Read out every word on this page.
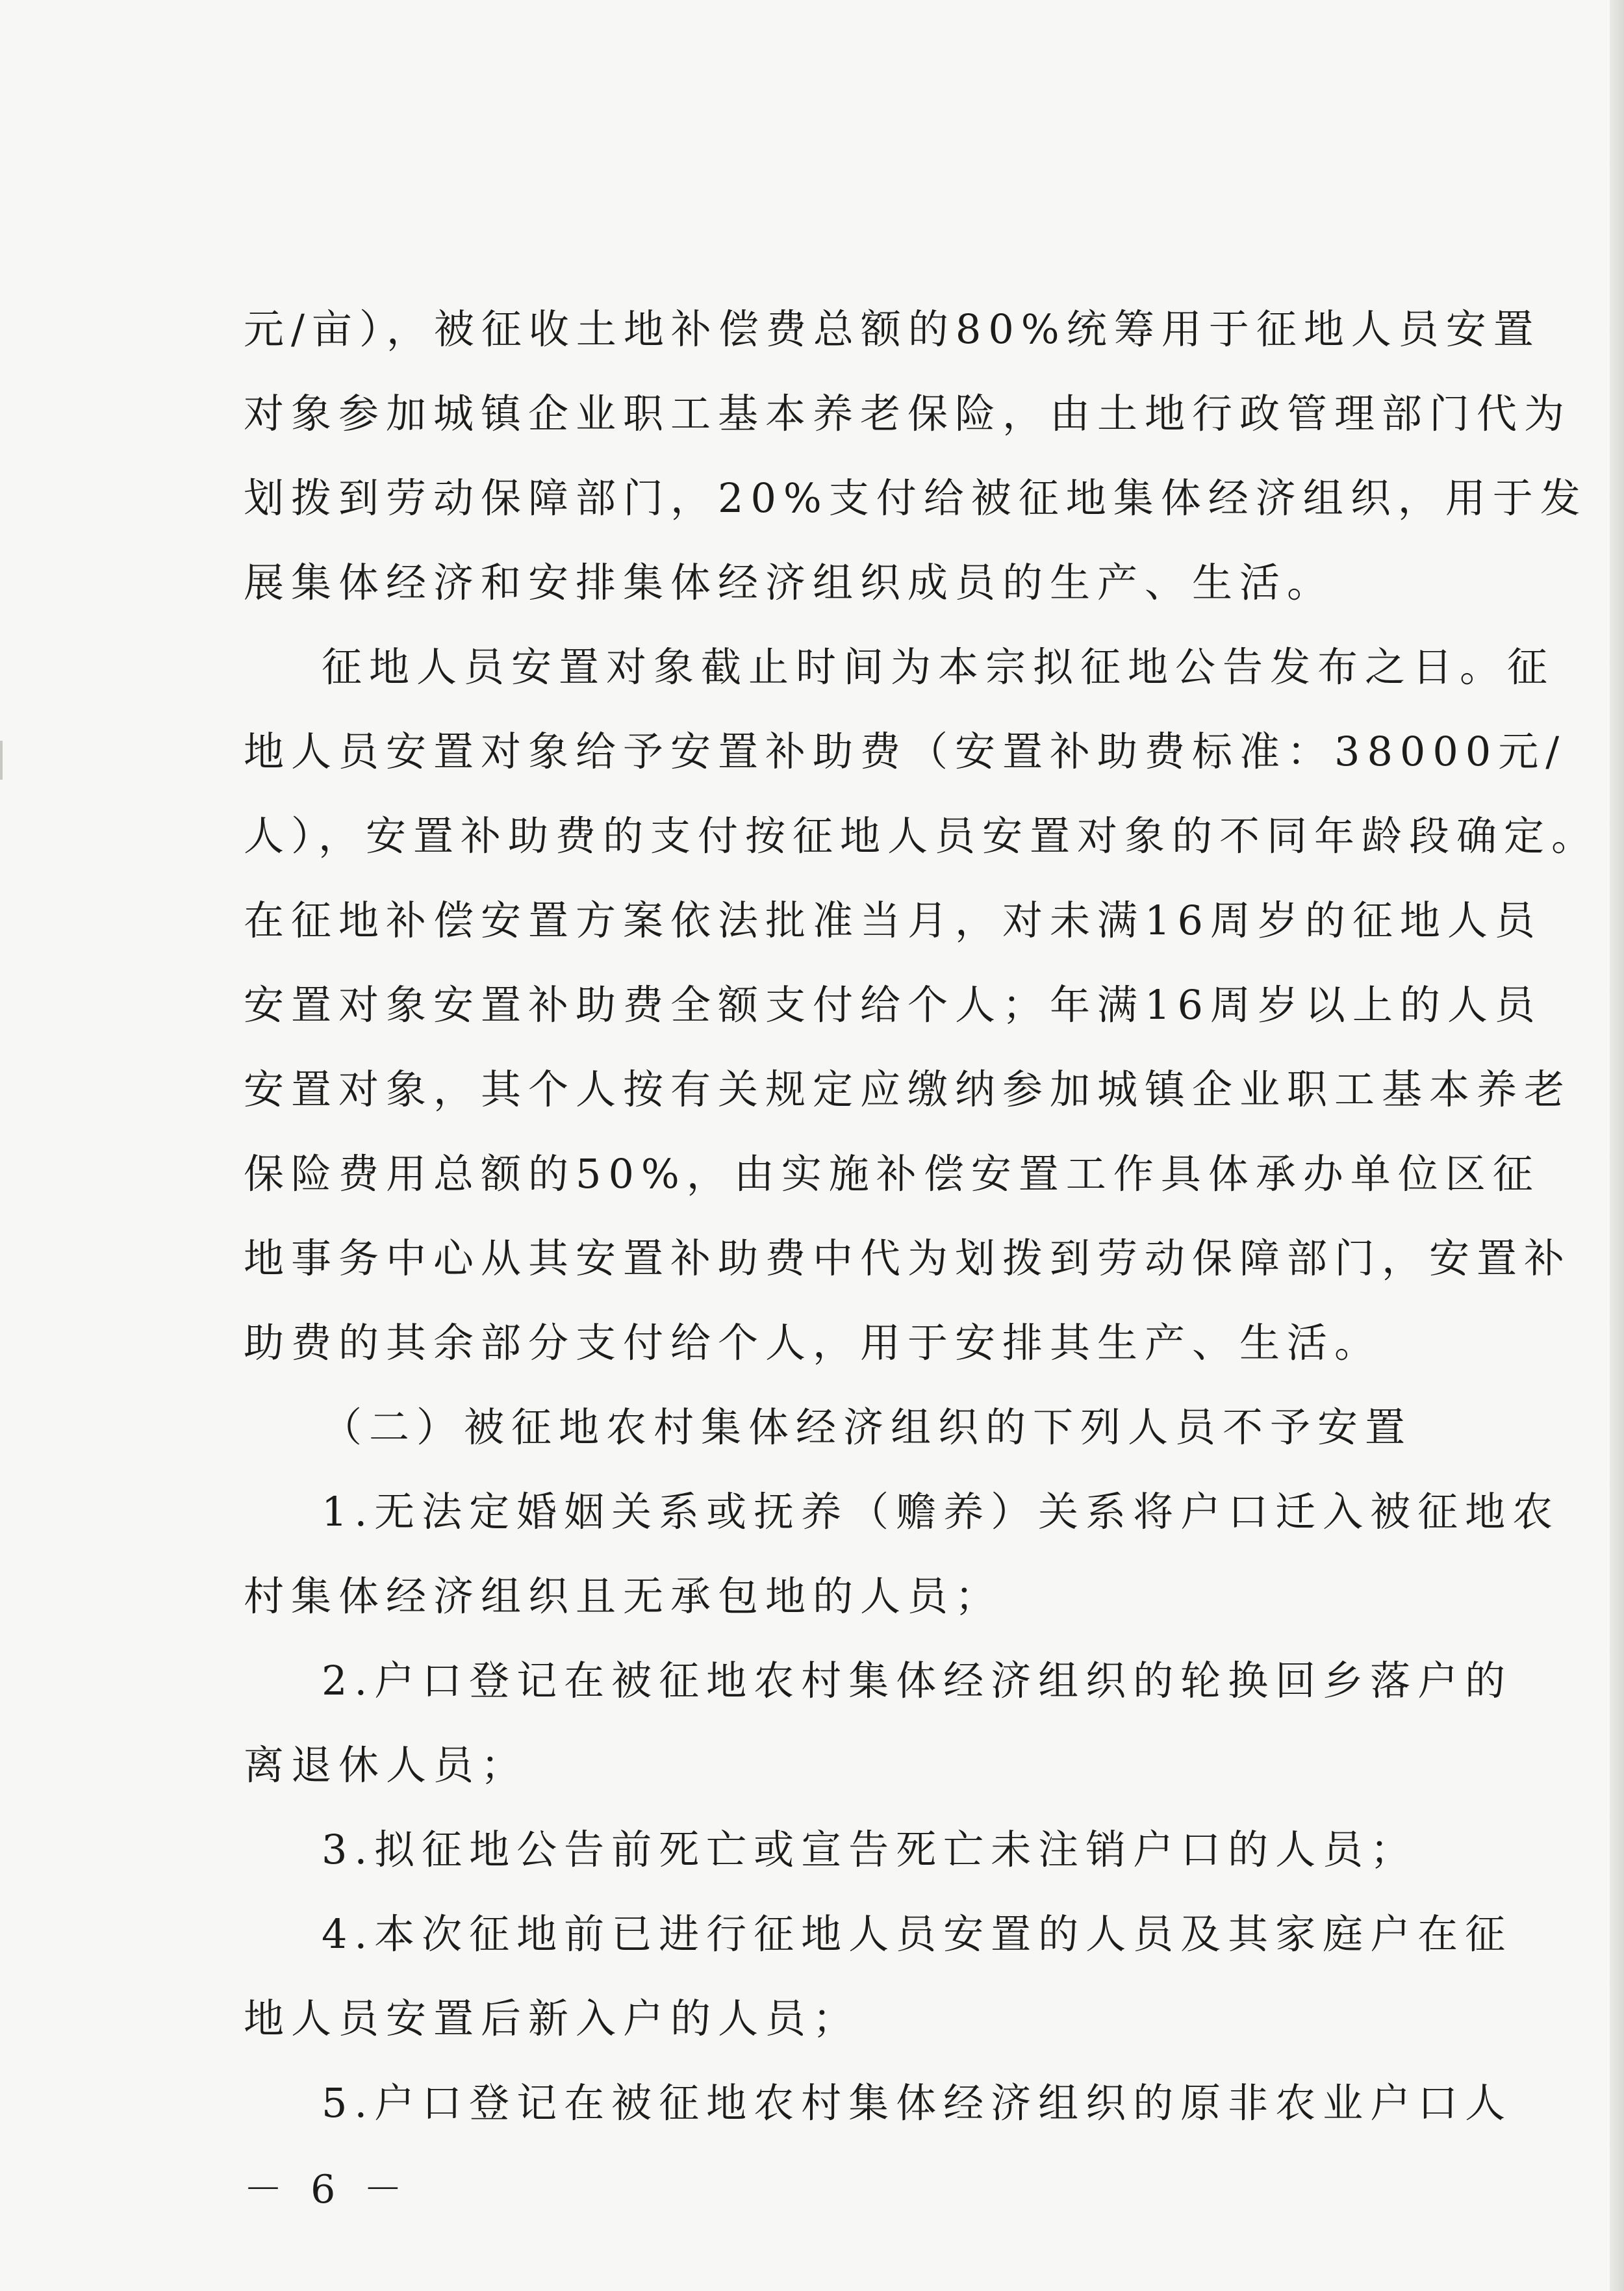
元/亩），被征收土地补偿费总额的80%统筹用于征地人员安置

对象参加城镇企业职工基本养老保险，由土地行政管理部门代为

划拨到劳动保障部门，20%支付给被征地集体经济组织，用于发

展集体经济和安排集体经济组织成员的生产、生活。

征地人员安置对象截止时间为本宗拟征地公告发布之日。征

地人员安置对象给予安置补助费（安置补助费标准：38000元/

人），安置补助费的支付按征地人员安置对象的不同年龄段确定。

在征地补偿安置方案依法批准当月，对未满16周岁的征地人员

安置对象安置补助费全额支付给个人；年满16周岁以上的人员

安置对象，其个人按有关规定应缴纳参加城镇企业职工基本养老

保险费用总额的50%，由实施补偿安置工作具体承办单位区征

地事务中心从其安置补助费中代为划拨到劳动保障部门，安置补

助费的其余部分支付给个人，用于安排其生产、生活。

（二）被征地农村集体经济组织的下列人员不予安置

1.无法定婚姻关系或抚养（赡养）关系将户口迁入被征地农

村集体经济组织且无承包地的人员；

2.户口登记在被征地农村集体经济组织的轮换回乡落户的

离退休人员；

3.拟征地公告前死亡或宣告死亡未注销户口的人员；

4.本次征地前已进行征地人员安置的人员及其家庭户在征

地人员安置后新入户的人员；

5.户口登记在被征地农村集体经济组织的原非农业户口人

－ 6 －
